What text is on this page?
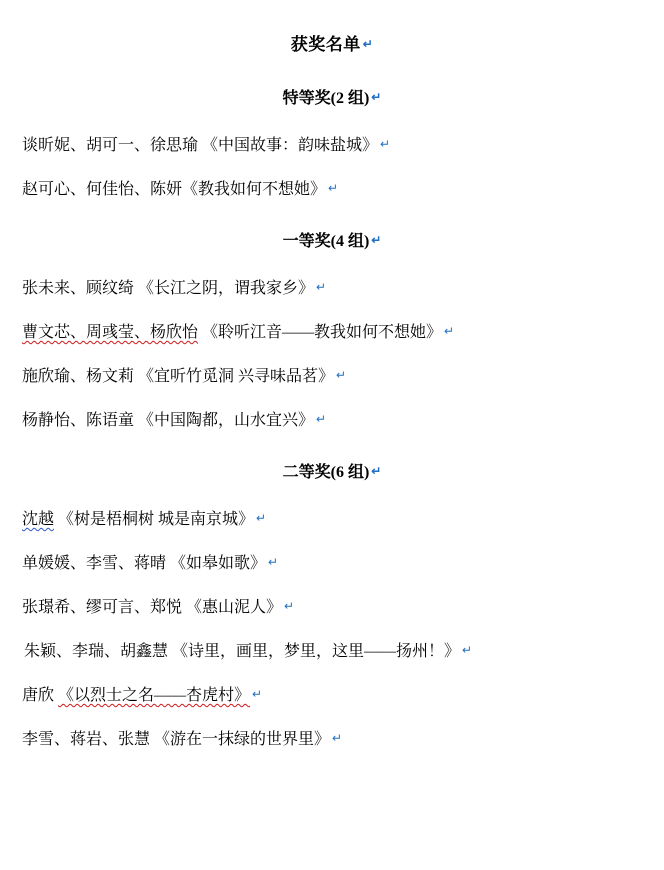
获奖名单 ↵
特等奖(2 组) ↵
谈昕妮、胡可一、徐思瑜 《中国故事：韵味盐城》 ↵
赵可心、何佳怡、陈妍《教我如何不想她》 ↵
一等奖(4 组) ↵
张未来、顾纹绮 《长江之阴，谓我家乡》 ↵
曹文芯、周彧莹、杨欣怡 《聆听江音——教我如何不想她》 ↵
施欣瑜、杨文莉 《宜听竹觅洞 兴寻味品茗》 ↵
杨静怡、陈语童 《中国陶都，山水宜兴》 ↵
二等奖(6 组) ↵
沈越 《树是梧桐树 城是南京城》 ↵
单媛媛、李雪、蒋晴 《如皋如歌》 ↵
张璟希、缪可言、郑悦 《惠山泥人》 ↵
朱颖、李瑞、胡鑫慧 《诗里，画里，梦里，这里——扬州！》 ↵
唐欣 《以烈士之名——杏虎村》 ↵
李雪、蒋岩、张慧 《游在一抹绿的世界里》 ↵
